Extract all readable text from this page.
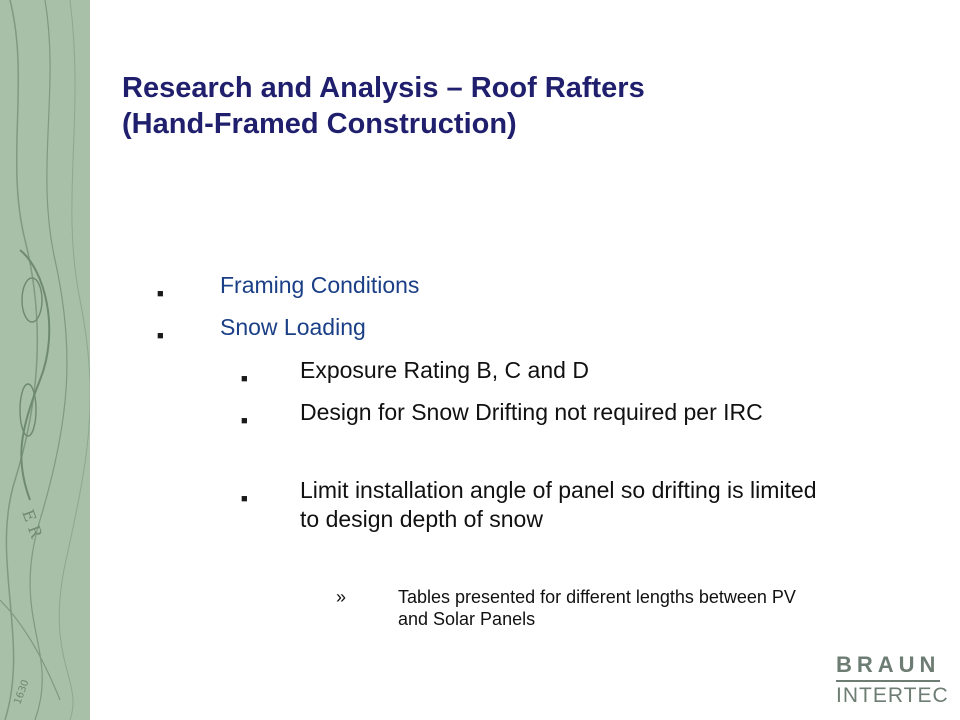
E R
1630
Research and Analysis – Roof Rafters
(Hand-Framed Construction)
■ Framing Conditions
■ Snow Loading
■ Exposure Rating B, C and D
■ Design for Snow Drifting not required per IRC
■ Limit installation angle of panel so drifting is limited to design depth of snow
»	Tables presented for different lengths between PV and Solar Panels
BRAUN
INTERTEC
